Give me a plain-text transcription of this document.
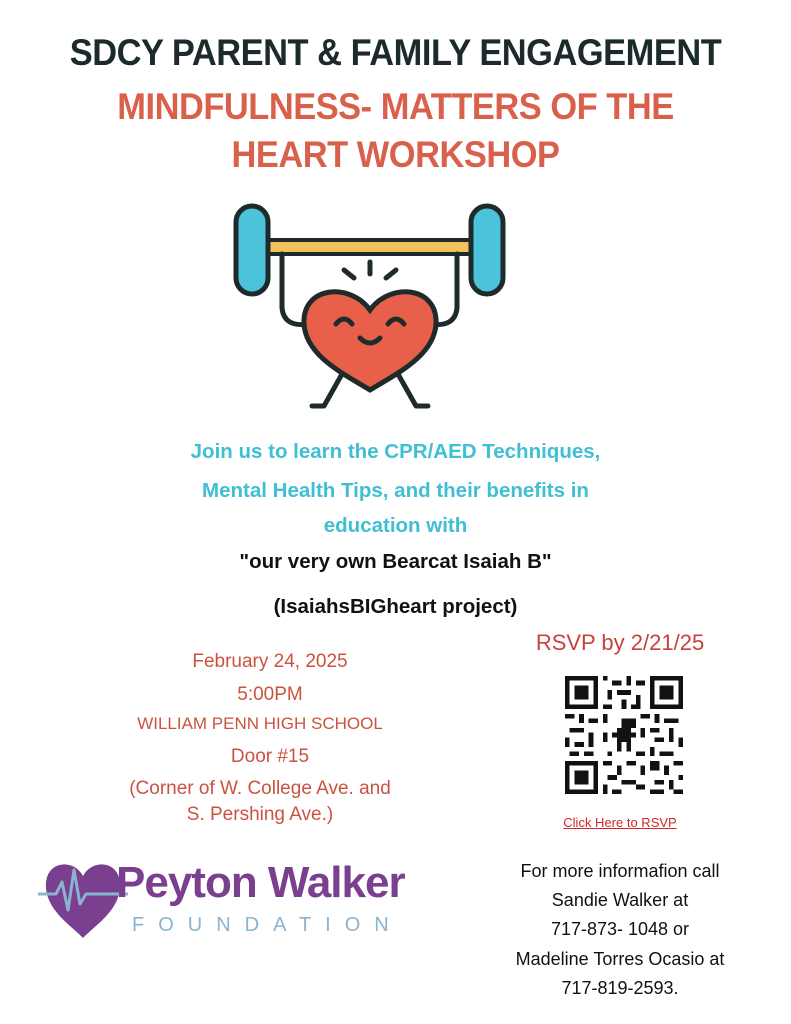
SDCY PARENT & FAMILY ENGAGEMENT
MINDFULNESS- MATTERS OF THE
HEART WORKSHOP
Join us to learn the CPR/AED Techniques,
Mental Health Tips, and their benefits in
education with
"our very own Bearcat Isaiah B"
(IsaiahsBIGheart project)
February 24, 2025
5:00PM
WILLIAM PENN HIGH SCHOOL
Door #15
(Corner of W. College Ave. and
S. Pershing Ave.)
RSVP by 2/21/25
Click Here to RSVP
For more informafion call
Sandie Walker at
717-873- 1048 or
Madeline Torres Ocasio at
717-819-2593.
Peyton Walker
FOUNDATION
